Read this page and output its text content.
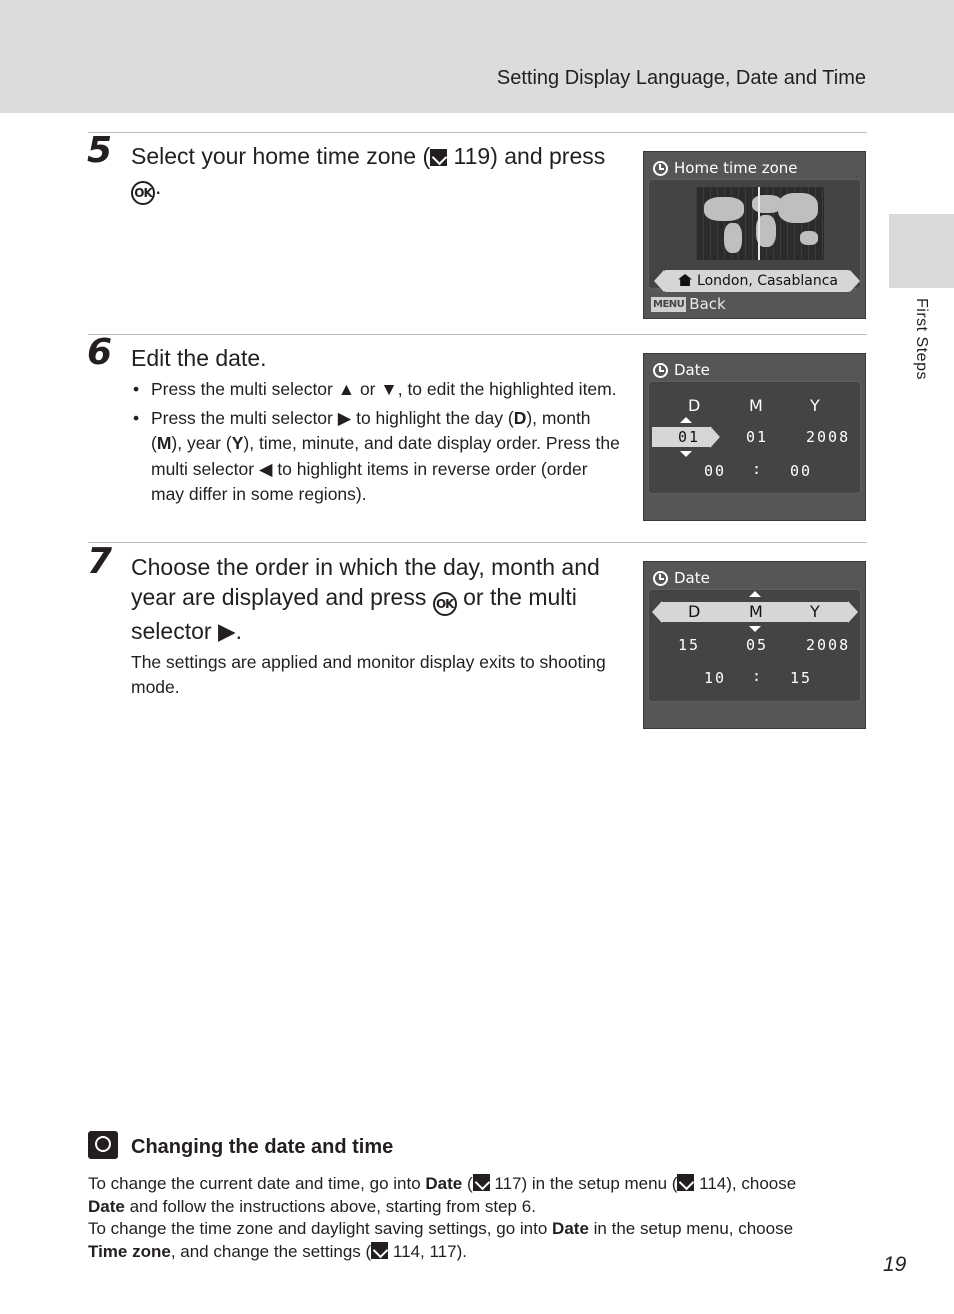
Setting Display Language, Date and Time
First Steps
5 Select your home time zone ( 119) and press
OK .
Home time zone
London, Casablanca
MENU Back
6 Edit the date.
• Press the multi selector ▲ or ▼, to edit the highlighted item.
• Press the multi selector ▶ to highlight the day (D), month (M), year (Y), time, minute, and date display order. Press the multi selector ◀ to highlight items in reverse order (order may differ in some regions).
Date
D	M	Y
01	01	2008
00 : 00
7 Choose the order in which the day, month and year are displayed and press OK or the multi selector ▶.
The settings are applied and monitor display exits to shooting mode.
Date
D	M	Y
15	05	2008
10 : 15
Changing the date and time
To change the current date and time, go into Date ( 117) in the setup menu ( 114), choose
Date and follow the instructions above, starting from step 6.
To change the time zone and daylight saving settings, go into Date in the setup menu, choose
Time zone, and change the settings ( 114, 117).
19
